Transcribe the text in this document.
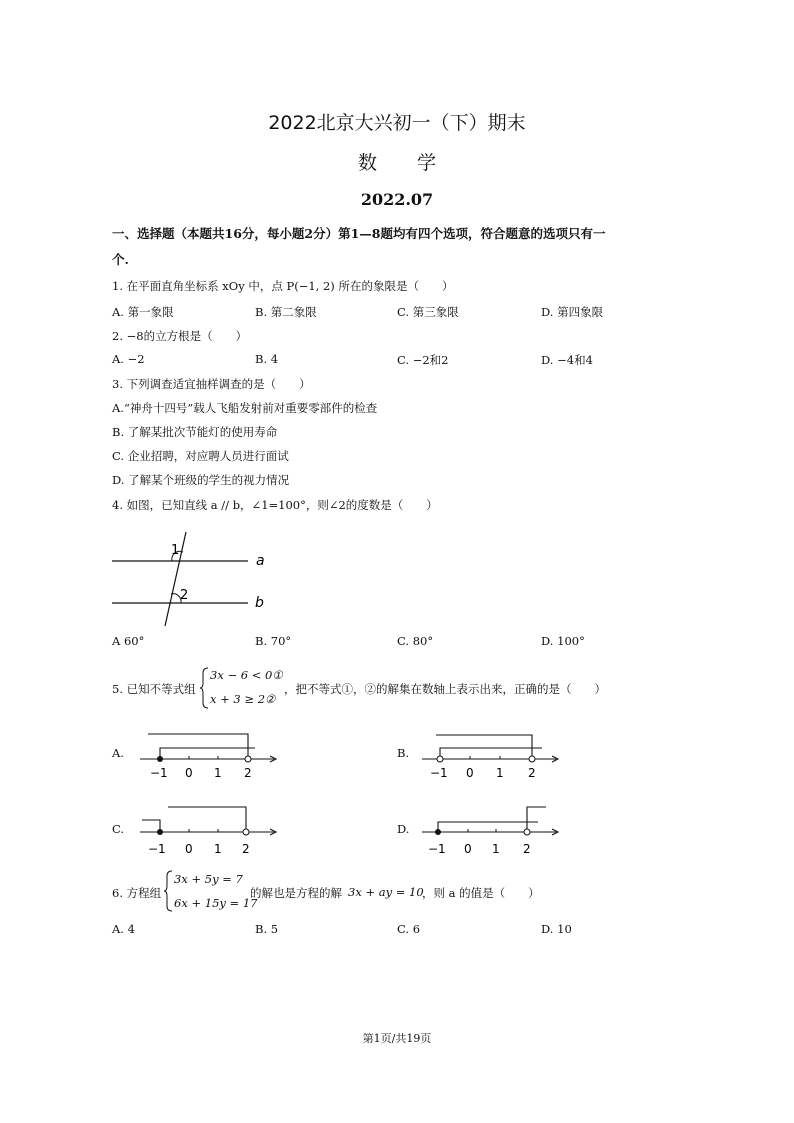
2022北京大兴初一（下）期末
数学
2022.07
一、选择题（本题共16分，每小题2分）第1—8题均有四个选项，符合题意的选项只有一
个.
1. 在平面直角坐标系 xOy 中，点 P(−1, 2) 所在的象限是（　　）
A. 第一象限	B. 第二象限	C. 第三象限	D. 第四象限
2. −8的立方根是（　　）
A. −2	B. 4	C. −2和2	D. −4和4
3. 下列调查适宜抽样调查的是（　　）
A.“神舟十四号”载人飞船发射前对重要零部件的检查
B. 了解某批次节能灯的使用寿命
C. 企业招聘，对应聘人员进行面试
D. 了解某个班级的学生的视力情况
4. 如图，已知直线 a // b，∠1=100°，则∠2的度数是（　　）
1
2
a
b
A 60°	B. 70°	C. 80°	D. 100°
5. 已知不等式组
3x − 6 < 0①
x + 3 ≥ 2②
，把不等式①，②的解集在数轴上表示出来，正确的是（　　）
A.
−1 0 1 2
B.
−1 0 1 2
C.
−1 0 1 2
D.
−1 0 1 2
6. 方程组
3x + 5y = 7
6x + 15y = 17
的解也是方程的解 3x + ay = 10
，则 a 的值是（　　）
A. 4	B. 5	C. 6	D. 10
第1页/共19页
